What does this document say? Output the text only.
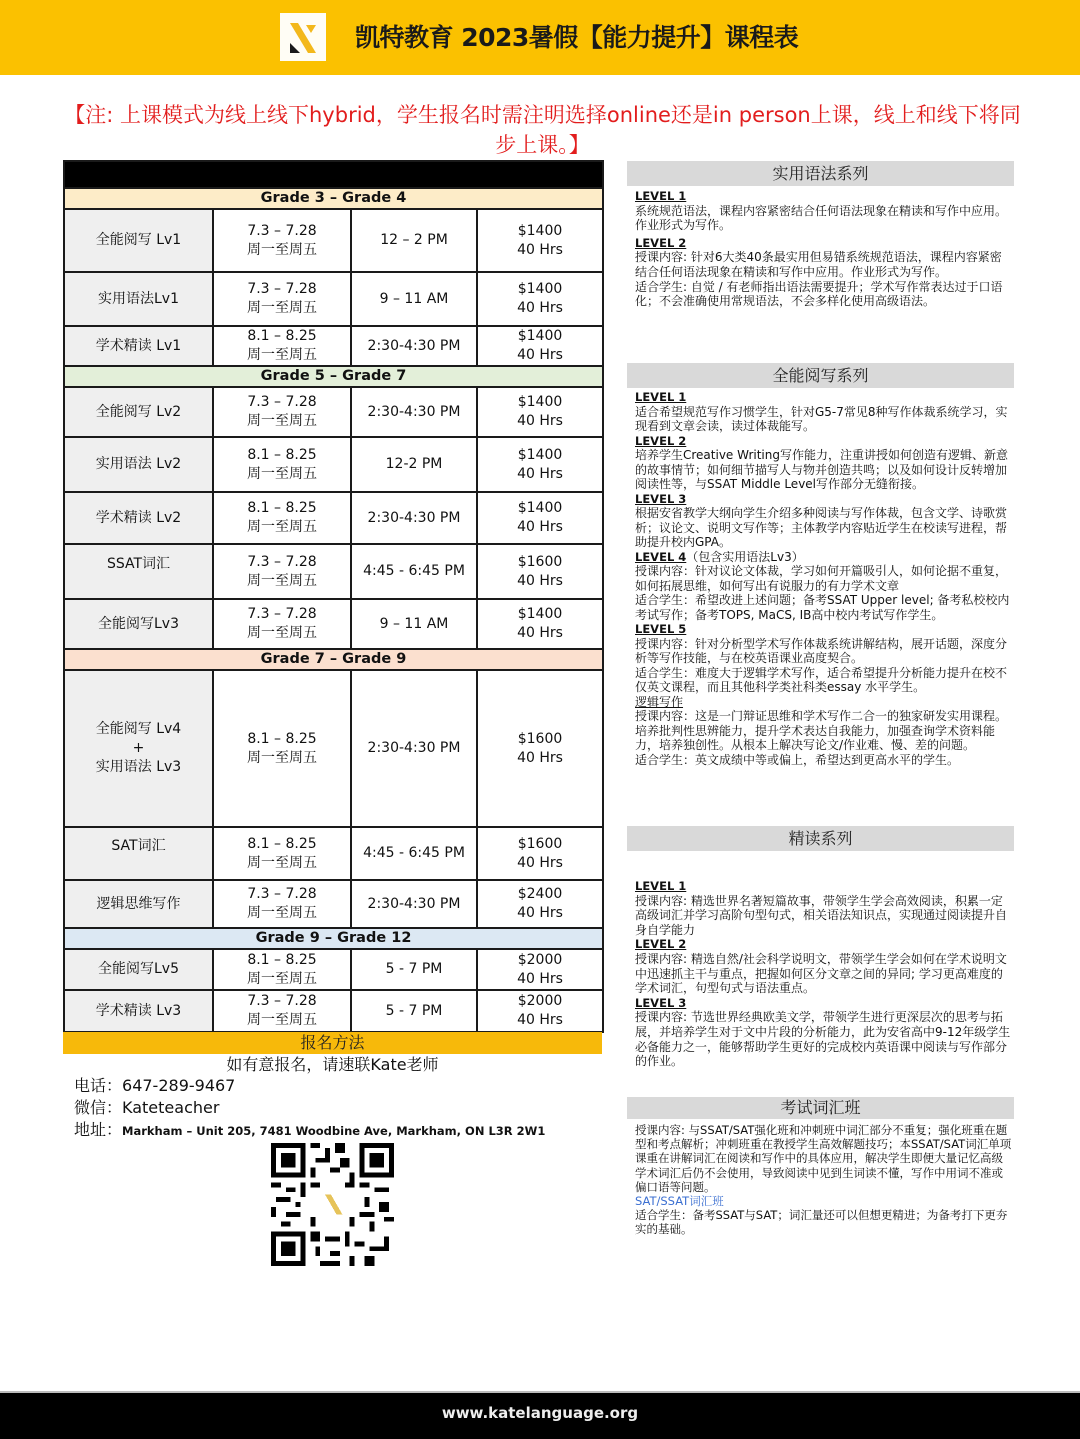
凯特教育 2023暑假【能力提升】课程表
【注: 上课模式为线上线下hybrid，学生报名时需注明选择online还是in person上课，线上和线下将同步上课。】

Grade 3 – Grade 4			
全能阅写 Lv1	7.3 – 7.28
周一至周五	12 – 2 PM	$1400
40 Hrs

实用语法Lv1	7.3 – 7.28
周一至周五	9 – 11 AM	$1400
40 Hrs

学术精读 Lv1	8.1 – 8.25
周一至周五	2:30-4:30 PM	$1400
40 Hrs

Grade 5 – Grade 7			
全能阅写 Lv2	7.3 – 7.28
周一至周五	2:30-4:30 PM	$1400
40 Hrs

实用语法 Lv2	8.1 – 8.25
周一至周五	12-2 PM	$1400
40 Hrs

学术精读 Lv2	8.1 – 8.25
周一至周五	2:30-4:30 PM	$1400
40 Hrs

SSAT词汇	7.3 – 7.28
周一至周五	4:45 - 6:45 PM	$1600
40 Hrs

全能阅写Lv3	7.3 – 7.28
周一至周五	9 – 11 AM	$1400
40 Hrs

Grade 7 – Grade 9			

全能阅写 Lv4
+
实用语法 Lv3	8.1 – 8.25
周一至周五	2:30-4:30 PM	$1600
40 Hrs

SAT词汇	8.1 – 8.25
周一至周五	4:45 - 6:45 PM	$1600
40 Hrs

逻辑思维写作	7.3 – 7.28
周一至周五	2:30-4:30 PM	$2400
40 Hrs

Grade 9 – Grade 12			
全能阅写Lv5	8.1 – 8.25
周一至周五	5 - 7 PM	$2000
40 Hrs

学术精读 Lv3	7.3 – 7.28
周一至周五	5 - 7 PM	$2000
40 Hrs
报名方法
如有意报名，请速联Kate老师
电话：647-289-9467
微信：Kateteacher
地址：Markham – Unit 205, 7481 Woodbine Ave, Markham, ON L3R 2W1
实用语法系列
LEVEL 1
系统规范语法，课程内容紧密结合任何语法现象在精读和写作中应用。作业形式为写作。
LEVEL 2
授课内容: 针对6大类40条最实用但易错系统规范语法，课程内容紧密结合任何语法现象在精读和写作中应用。作业形式为写作。
适合学生: 自觉 / 有老师指出语法需要提升；学术写作常表达过于口语化；不会准确使用常规语法，不会多样化使用高级语法。
全能阅写系列
LEVEL 1
适合希望规范写作习惯学生，针对G5-7常见8种写作体裁系统学习，实现看到文章会读，读过体裁能写。
LEVEL 2
培养学生Creative Writing写作能力，注重讲授如何创造有逻辑、新意的故事情节；如何细节描写人与物并创造共鸣；以及如何设计反转增加阅读性等，与SSAT Middle Level写作部分无缝衔接。
LEVEL 3
根据安省教学大纲向学生介绍多种阅读与写作体裁，包含文学、诗歌赏析；议论文、说明文写作等；主体教学内容贴近学生在校读写进程，帮助提升校内GPA。
LEVEL 4（包含实用语法Lv3）
授课内容：针对议论文体裁，学习如何开篇吸引人，如何论据不重复，如何拓展思维，如何写出有说服力的有力学术文章
适合学生：希望改进上述问题；备考SSAT Upper level; 备考私校校内考试写作；备考TOPS, MaCS, IB高中校内考试写作学生。
LEVEL 5
授课内容：针对分析型学术写作体裁系统讲解结构，展开话题，深度分析等写作技能，与在校英语课业高度契合。
适合学生：难度大于逻辑学术写作，适合希望提升分析能力提升在校不仅英文课程，而且其他科学类社科类essay 水平学生。
逻辑写作
授课内容：这是一门辩证思维和学术写作二合一的独家研发实用课程。培养批判性思辨能力，提升学术表达自我能力，加强查询学术资料能力，培养独创性。从根本上解决写论文/作业难、慢、差的问题。
适合学生：英文成绩中等或偏上，希望达到更高水平的学生。
精读系列
LEVEL 1
授课内容: 精选世界名著短篇故事，带领学生学会高效阅读，积累一定高级词汇并学习高阶句型句式，相关语法知识点，实现通过阅读提升自身自学能力
LEVEL 2
授课内容: 精选自然/社会科学说明文，带领学生学会如何在学术说明文中迅速抓主干与重点，把握如何区分文章之间的异同; 学习更高难度的学术词汇，句型句式与语法重点。
LEVEL 3
授课内容: 节选世界经典欧美文学，带领学生进行更深层次的思考与拓展，并培养学生对于文中片段的分析能力，此为安省高中9-12年级学生必备能力之一，能够帮助学生更好的完成校内英语课中阅读与写作部分的作业。
考试词汇班
授课内容: 与SSAT/SAT强化班和冲刺班中词汇部分不重复；强化班重在题型和考点解析；冲刺班重在教授学生高效解题技巧；本SSAT/SAT词汇单项课重在讲解词汇在阅读和写作中的具体应用，解决学生即便大量记忆高级学术词汇后仍不会使用，导致阅读中见到生词读不懂，写作中用词不准或偏口语等问题。
SAT/SSAT词汇班
适合学生：备考SSAT与SAT；词汇量还可以但想更精进；为备考打下更夯实的基础。
www.katelanguage.org
